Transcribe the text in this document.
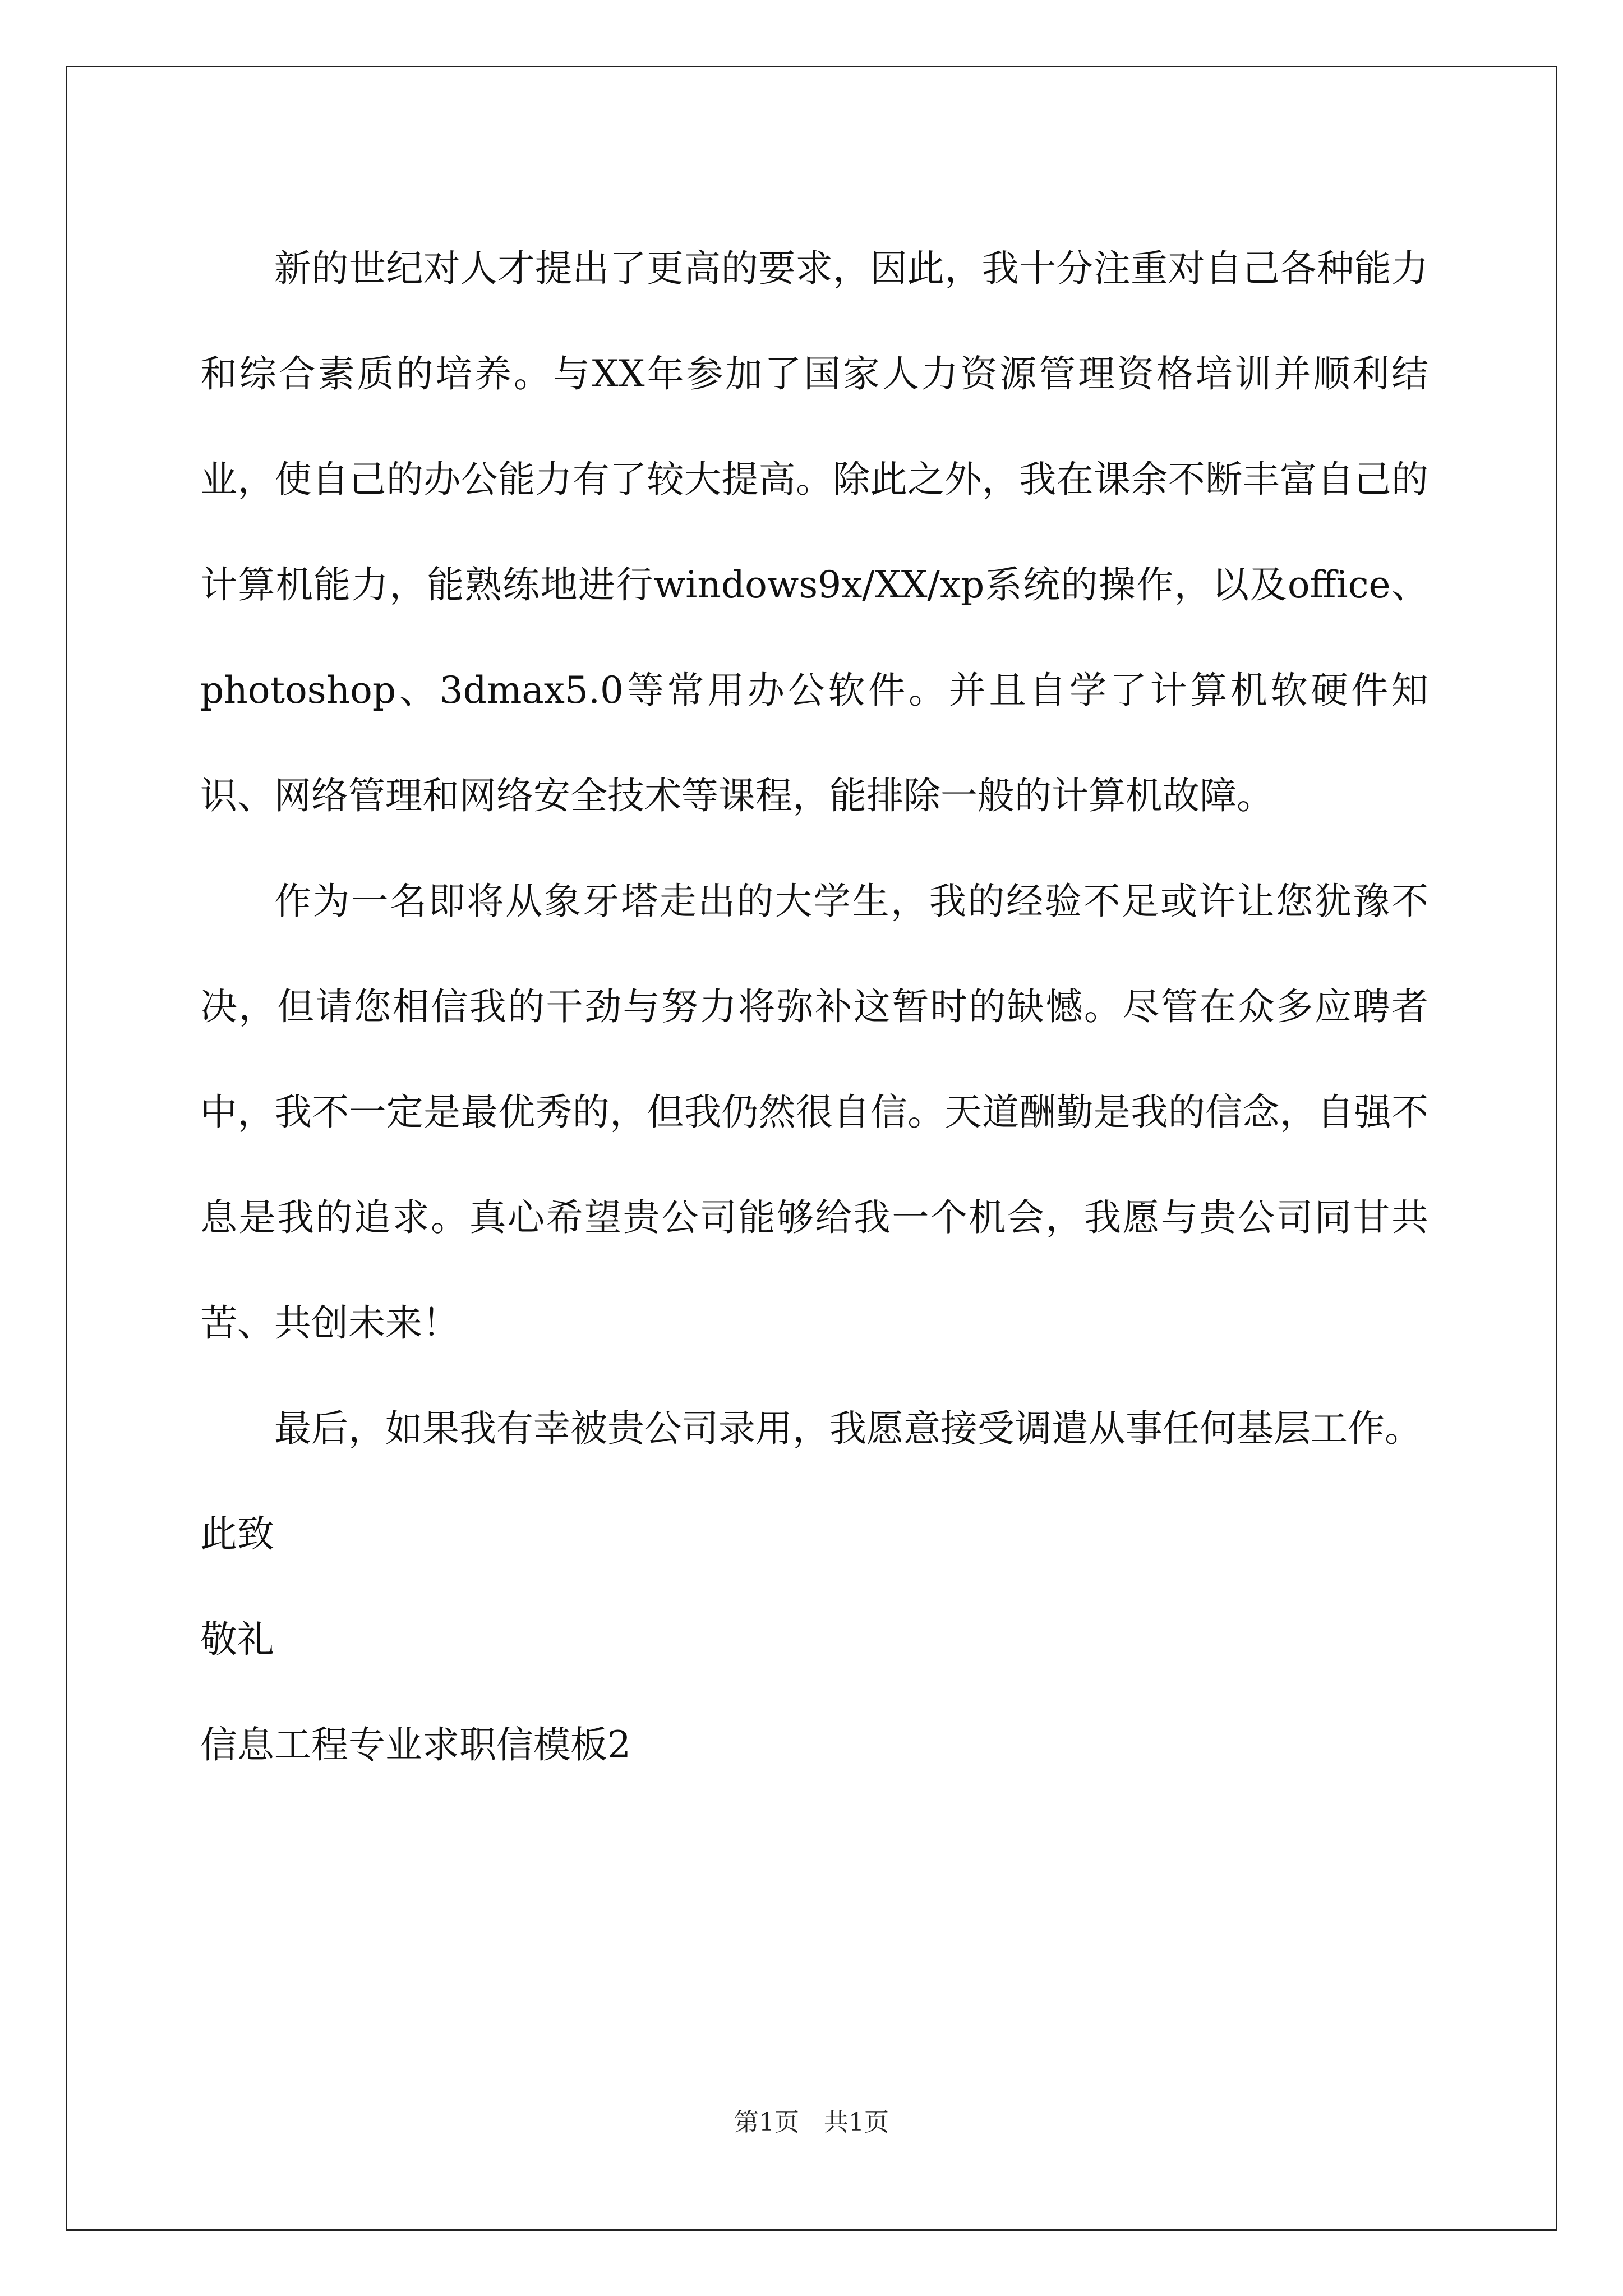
新的世纪对人才提出了更高的要求，因此，我十分注重对自己各种能力和综合素质的培养。与XX年参加了国家人力资源管理资格培训并顺利结业，使自己的办公能力有了较大提高。除此之外，我在课余不断丰富自己的计算机能力，能熟练地进行windows9x/XX/xp系统的操作，以及office、photoshop、3dmax5.0等常用办公软件。并且自学了计算机软硬件知识、网络管理和网络安全技术等课程，能排除一般的计算机故障。

作为一名即将从象牙塔走出的大学生，我的经验不足或许让您犹豫不决，但请您相信我的干劲与努力将弥补这暂时的缺憾。尽管在众多应聘者中，我不一定是最优秀的，但我仍然很自信。天道酬勤是我的信念，自强不息是我的追求。真心希望贵公司能够给我一个机会，我愿与贵公司同甘共苦、共创未来！

最后，如果我有幸被贵公司录用，我愿意接受调遣从事任何基层工作。

此致

敬礼

信息工程专业求职信模板2

第1页　共1页
